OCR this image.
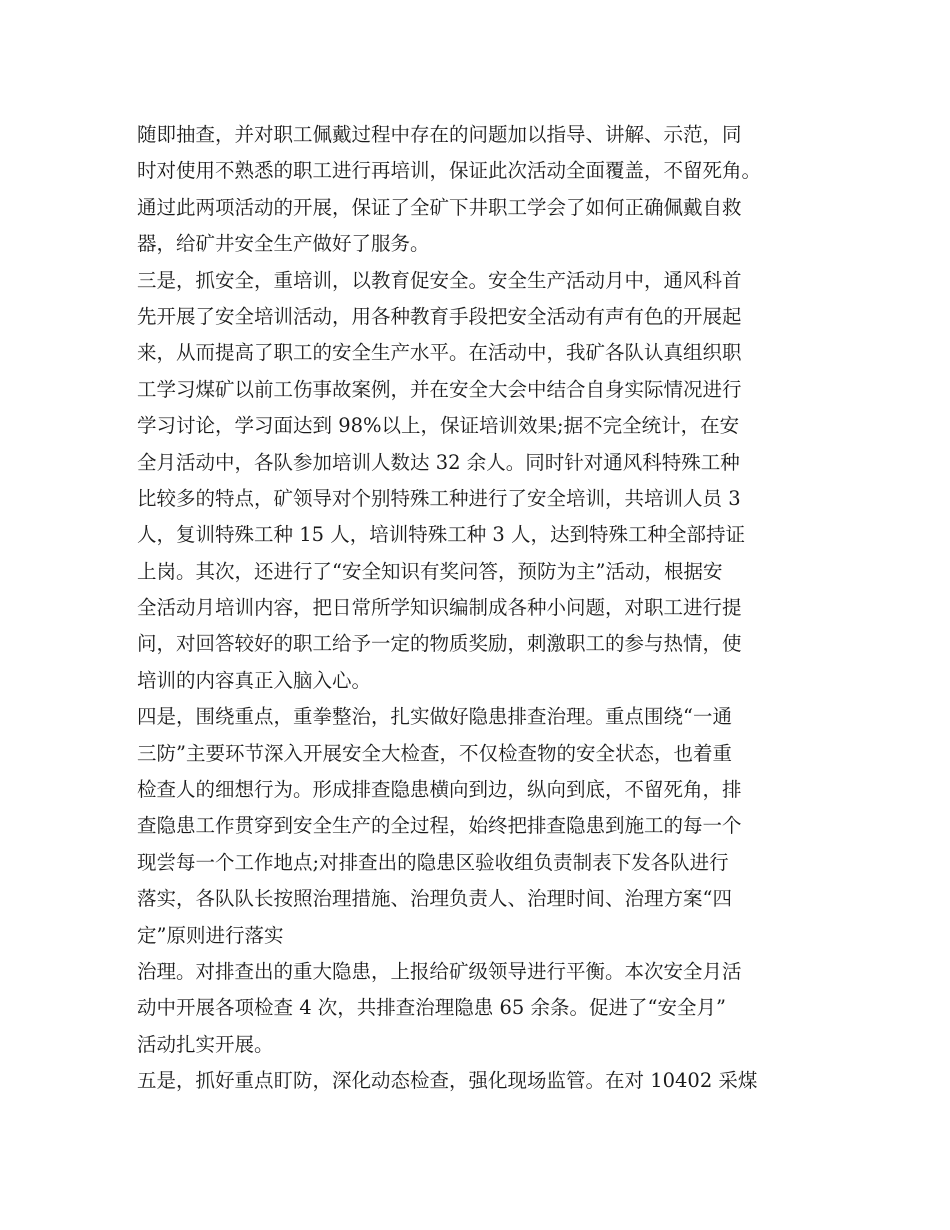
随即抽查，并对职工佩戴过程中存在的问题加以指导、讲解、示范，同
时对使用不熟悉的职工进行再培训，保证此次活动全面覆盖，不留死角。
通过此两项活动的开展，保证了全矿下井职工学会了如何正确佩戴自救
器，给矿井安全生产做好了服务。
三是，抓安全，重培训，以教育促安全。安全生产活动月中，通风科首
先开展了安全培训活动，用各种教育手段把安全活动有声有色的开展起
来，从而提高了职工的安全生产水平。在活动中，我矿各队认真组织职
工学习煤矿以前工伤事故案例，并在安全大会中结合自身实际情况进行
学习讨论，学习面达到 98%以上，保证培训效果;据不完全统计，在安
全月活动中，各队参加培训人数达 32 余人。同时针对通风科特殊工种
比较多的特点，矿领导对个别特殊工种进行了安全培训，共培训人员 3
人，复训特殊工种 15 人，培训特殊工种 3 人，达到特殊工种全部持证
上岗。其次，还进行了“安全知识有奖问答，预防为主”活动，根据安
全活动月培训内容，把日常所学知识编制成各种小问题，对职工进行提
问，对回答较好的职工给予一定的物质奖励，刺激职工的参与热情，使
培训的内容真正入脑入心。
四是，围绕重点，重拳整治，扎实做好隐患排查治理。重点围绕“一通
三防”主要环节深入开展安全大检查，不仅检查物的安全状态，也着重
检查人的细想行为。形成排查隐患横向到边，纵向到底，不留死角，排
查隐患工作贯穿到安全生产的全过程，始终把排查隐患到施工的每一个
现尝每一个工作地点;对排查出的隐患区验收组负责制表下发各队进行
落实，各队队长按照治理措施、治理负责人、治理时间、治理方案“四
定”原则进行落实
治理。对排查出的重大隐患，上报给矿级领导进行平衡。本次安全月活
动中开展各项检查 4 次，共排查治理隐患 65 余条。促进了“安全月”
活动扎实开展。
五是，抓好重点盯防，深化动态检查，强化现场监管。在对 10402 采煤
